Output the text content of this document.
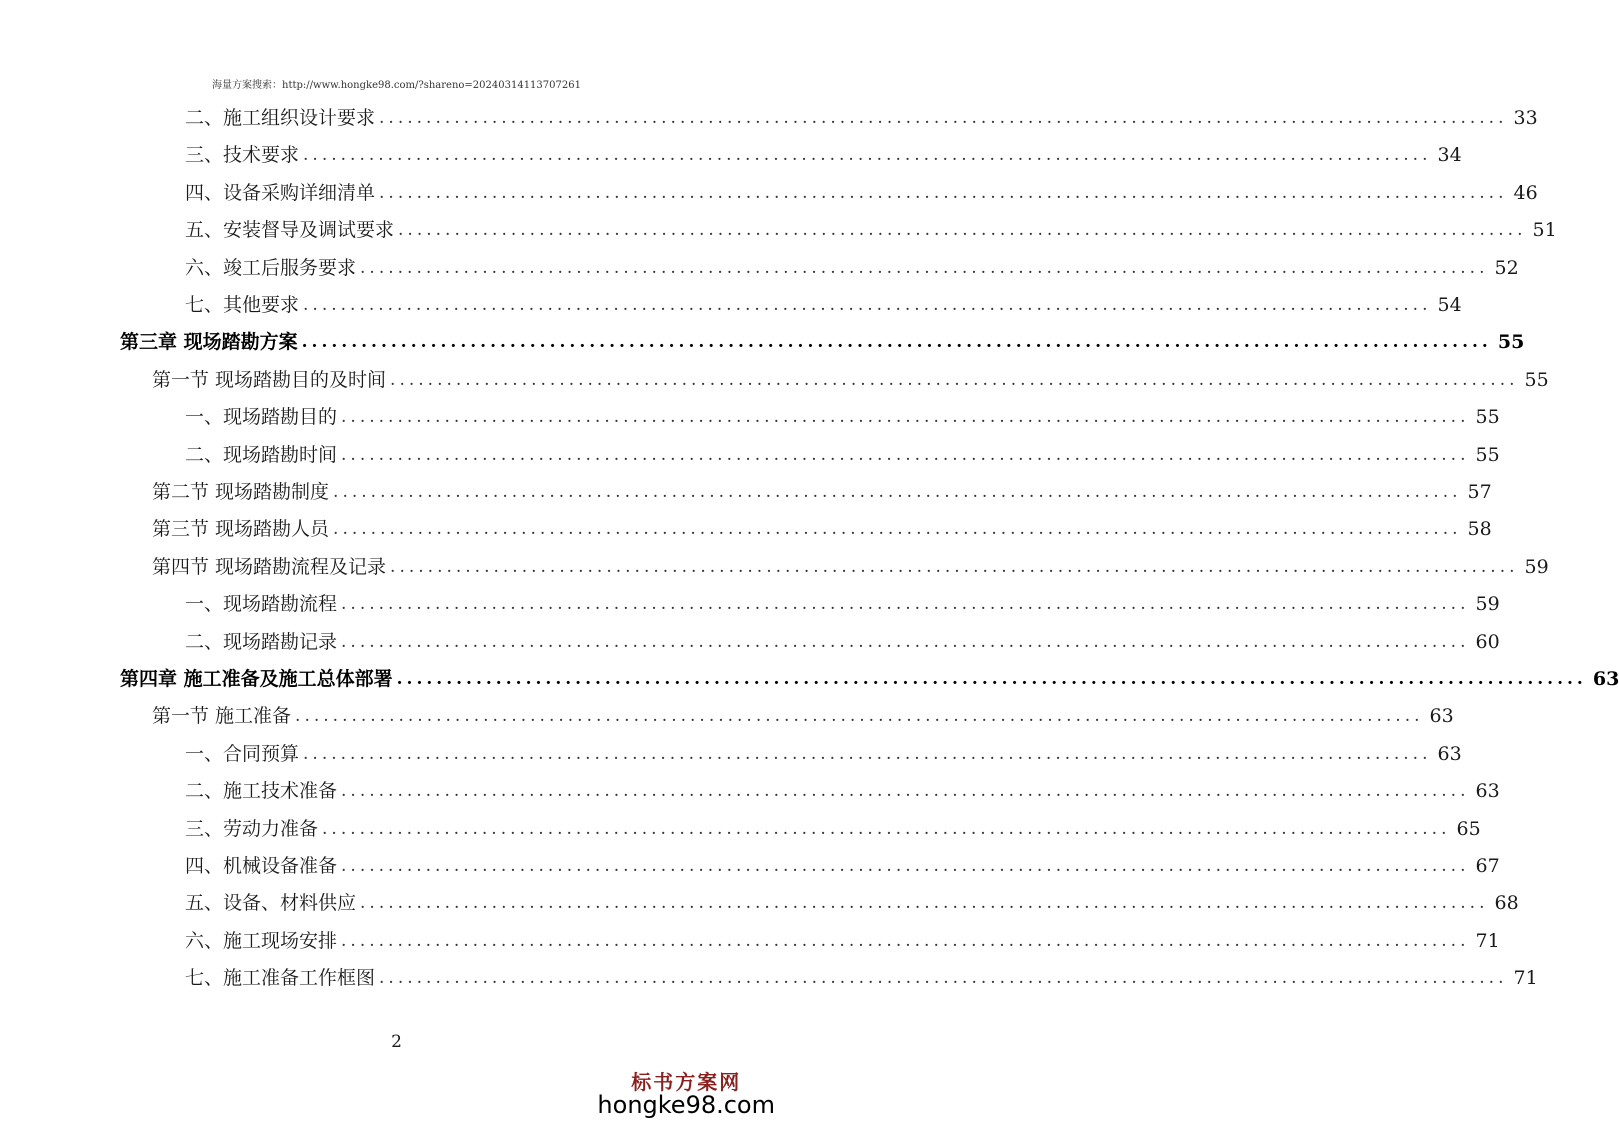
海量方案搜索：http://www.hongke98.com/?shareno=20240314113707261
二、施工组织设计要求 ........................................................................................................................ 33
三、技术要求 ........................................................................................................................ 34
四、设备采购详细清单 ........................................................................................................................ 46
五、安装督导及调试要求 ........................................................................................................................ 51
六、竣工后服务要求 ........................................................................................................................ 52
七、其他要求 ........................................................................................................................ 54
第三章 现场踏勘方案 ........................................................................................................................ 55
第一节 现场踏勘目的及时间 ........................................................................................................................ 55
一、现场踏勘目的 ........................................................................................................................ 55
二、现场踏勘时间 ........................................................................................................................ 55
第二节 现场踏勘制度 ........................................................................................................................ 57
第三节 现场踏勘人员 ........................................................................................................................ 58
第四节 现场踏勘流程及记录 ........................................................................................................................ 59
一、现场踏勘流程 ........................................................................................................................ 59
二、现场踏勘记录 ........................................................................................................................ 60
第四章 施工准备及施工总体部署 ........................................................................................................................ 63
第一节 施工准备 ........................................................................................................................ 63
一、合同预算 ........................................................................................................................ 63
二、施工技术准备 ........................................................................................................................ 63
三、劳动力准备 ........................................................................................................................ 65
四、机械设备准备 ........................................................................................................................ 67
五、设备、材料供应 ........................................................................................................................ 68
六、施工现场安排 ........................................................................................................................ 71
七、施工准备工作框图 ........................................................................................................................ 71
2
标书方案网
hongke98.com
